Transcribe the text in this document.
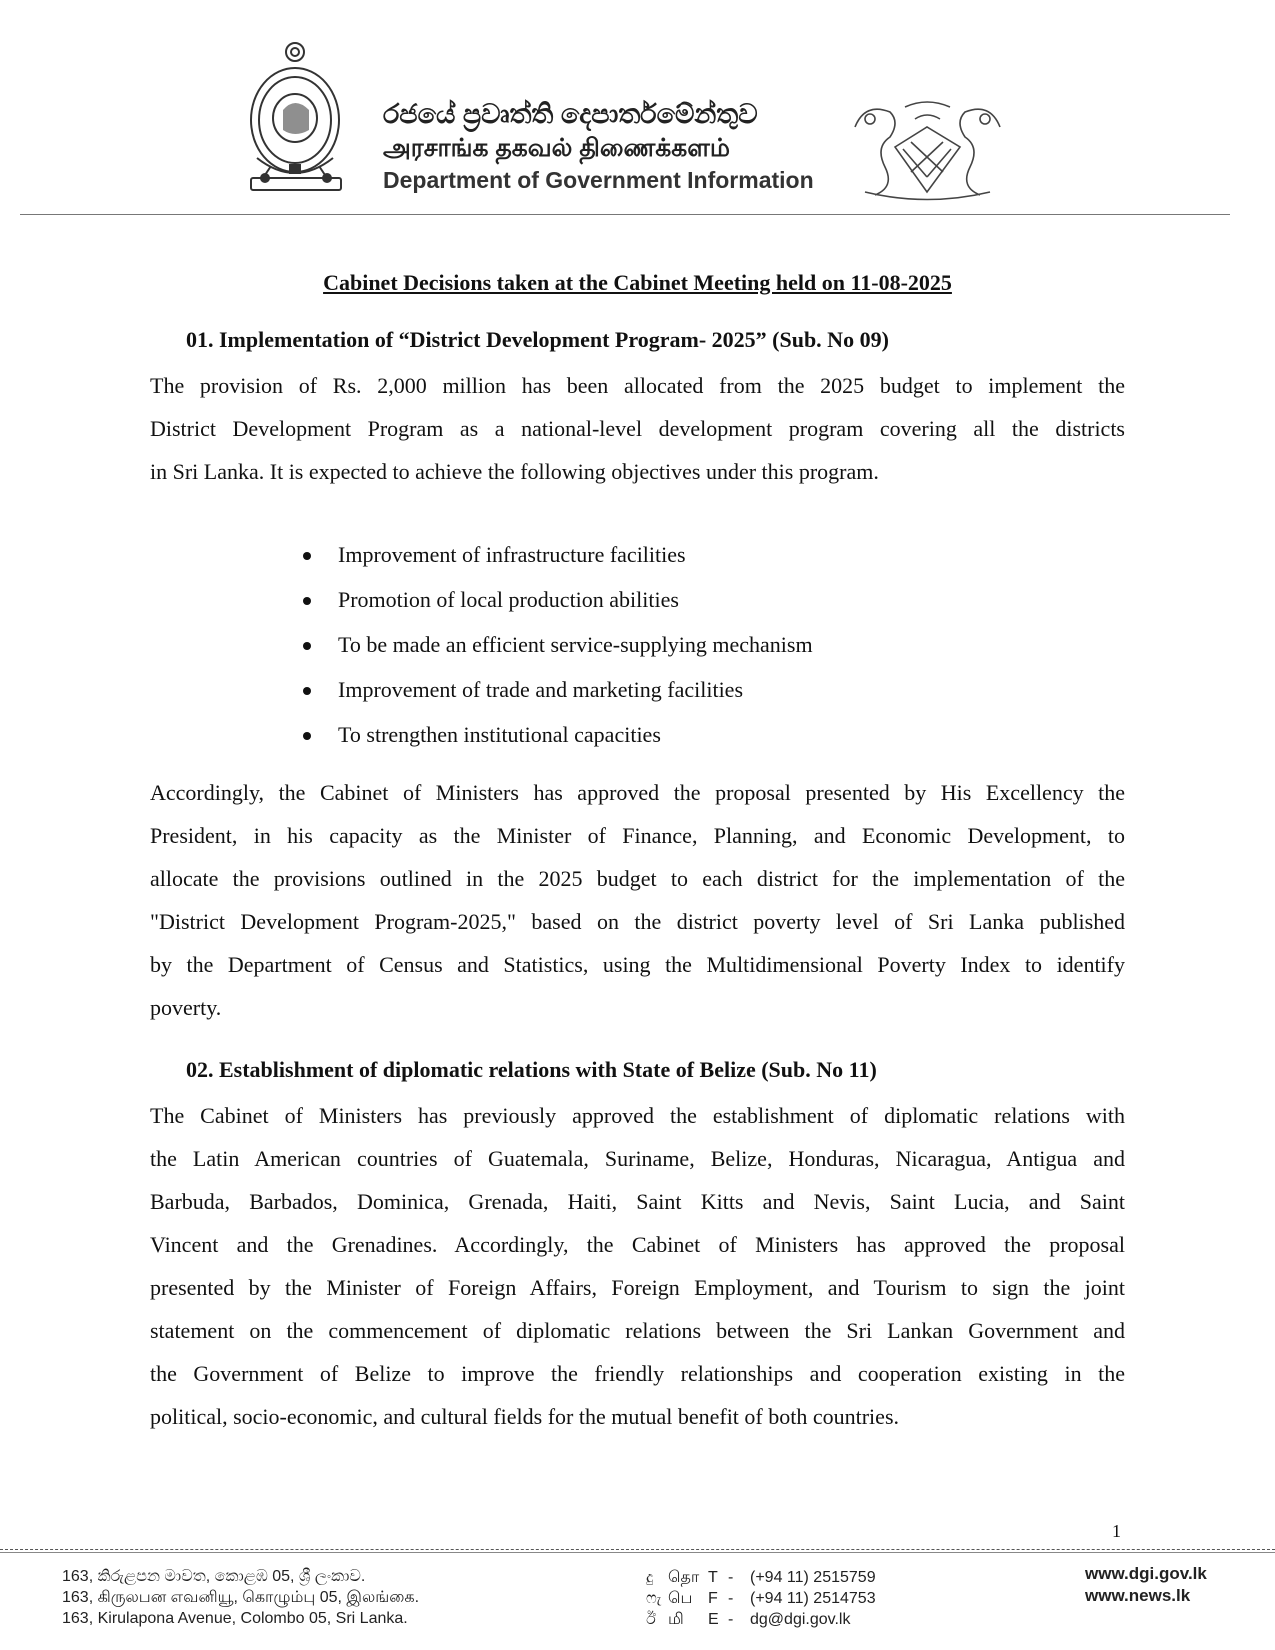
රජයේ ප්‍රවෘත්ති දෙපාර්තමේන්තුව
அரசாங்க தகவல் திணைக்களம்
Department of Government Information
Cabinet Decisions taken at the Cabinet Meeting held on 11-08-2025
01. Implementation of “District Development Program- 2025” (Sub. No 09)
The provision of Rs. 2,000 million has been allocated from the 2025 budget to implement the
District Development Program as a national-level development program covering all the districts
in Sri Lanka. It is expected to achieve the following objectives under this program.
Improvement of infrastructure facilities
Promotion of local production abilities
To be made an efficient service-supplying mechanism
Improvement of trade and marketing facilities
To strengthen institutional capacities
Accordingly, the Cabinet of Ministers has approved the proposal presented by His Excellency the
President, in his capacity as the Minister of Finance, Planning, and Economic Development, to
allocate the provisions outlined in the 2025 budget to each district for the implementation of the
"District Development Program-2025," based on the district poverty level of Sri Lanka published
by the Department of Census and Statistics, using the Multidimensional Poverty Index to identify
poverty.
02. Establishment of diplomatic relations with State of Belize (Sub. No 11)
The Cabinet of Ministers has previously approved the establishment of diplomatic relations with
the Latin American countries of Guatemala, Suriname, Belize, Honduras, Nicaragua, Antigua and
Barbuda, Barbados, Dominica, Grenada, Haiti, Saint Kitts and Nevis, Saint Lucia, and Saint
Vincent and the Grenadines. Accordingly, the Cabinet of Ministers has approved the proposal
presented by the Minister of Foreign Affairs, Foreign Employment, and Tourism to sign the joint
statement on the commencement of diplomatic relations between the Sri Lankan Government and
the Government of Belize to improve the friendly relationships and cooperation existing in the
political, socio-economic, and cultural fields for the mutual benefit of both countries.
1
163, කිරුළපන මාවත, කොළඹ 05, ශ්‍රී ලංකාව.
163, கிருலபன எவனியூ, கொழும்பு 05, இலங்கை.
163, Kirulapona Avenue, Colombo 05, Sri Lanka.
දු தொ T - (+94 11) 2515759
ෆැ பெ F - (+94 11) 2514753
ඊ மி E - dg@dgi.gov.lk
www.dgi.gov.lk
www.news.lk
